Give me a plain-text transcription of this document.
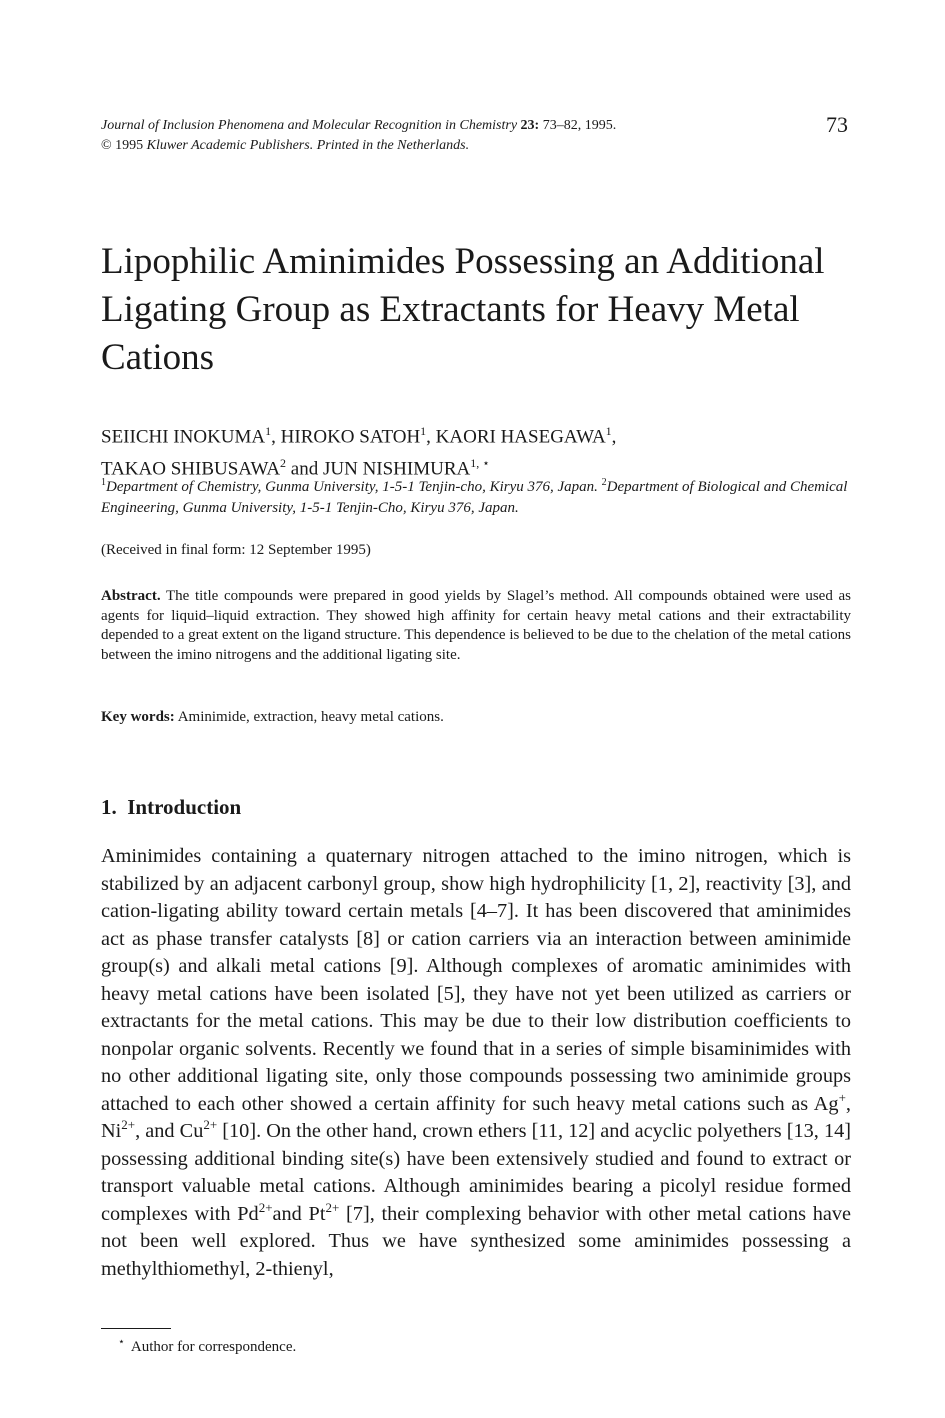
Journal of Inclusion Phenomena and Molecular Recognition in Chemistry 23: 73–82, 1995.
© 1995 Kluwer Academic Publishers. Printed in the Netherlands.
73
Lipophilic Aminimides Possessing an Additional Ligating Group as Extractants for Heavy Metal Cations
SEIICHI INOKUMA$^1$, HIROKO SATOH$^1$, KAORI HASEGAWA$^1$,
TAKAO SHIBUSAWA$^2$ and JUN $NISHIMURA^{1, ⋆}$
$^1$Department of Chemistry, Gunma University, 1-5-1 Tenjin-cho, Kiryu 376, Japan. $^2$Department of Biological and Chemical Engineering, Gunma University, 1-5-1 Tenjin-Cho, Kiryu 376, Japan.
(Received in final form: 12 September 1995)
Abstract. The title compounds were prepared in good yields by Slagel’s method. All compounds obtained were used as agents for liquid–liquid extraction. They showed high affinity for certain heavy metal cations and their extractability depended to a great extent on the ligand structure. This dependence is believed to be due to the chelation of the metal cations between the imino nitrogens and the additional ligating site.
Key words: Aminimide, extraction, heavy metal cations.
1. Introduction

Aminimides containing a quaternary nitrogen attached to the imino nitrogen, which is stabilized by an adjacent carbonyl group, show high hydrophilicity [1, 2], reactivity [3], and cation-ligating ability toward certain metals [4–7]. It has been discovered that aminimides act as phase transfer catalysts [8] or cation carriers via an interaction between aminimide group(s) and alkali metal cations [9]. Although complexes of aromatic aminimides with heavy metal cations have been isolated [5], they have not yet been utilized as carriers or extractants for the metal cations. This may be due to their low distribution coefficients to nonpolar organic solvents. Recently we found that in a series of simple bisaminimides with no other additional ligating site, only those compounds possessing two aminimide groups attached to each other showed a certain affinity for such heavy metal cations such as Ag+, $Ni^{2+}$, and $Cu^{2+}$ [10]. On the other hand, crown ethers [11, 12] and acyclic polyethers [13, 14] possessing additional binding site(s) have been extensively studied and found to extract or transport valuable metal cations. Although aminimides bearing a picolyl residue formed complexes with $Pd^{2+}and$ $Pt^{2+}$ [7], their complexing behavior with other metal cations have not been well explored. Thus we have synthesized some aminimides possessing a methylthiomethyl, 2-thienyl,

⋆ Author for correspondence.
